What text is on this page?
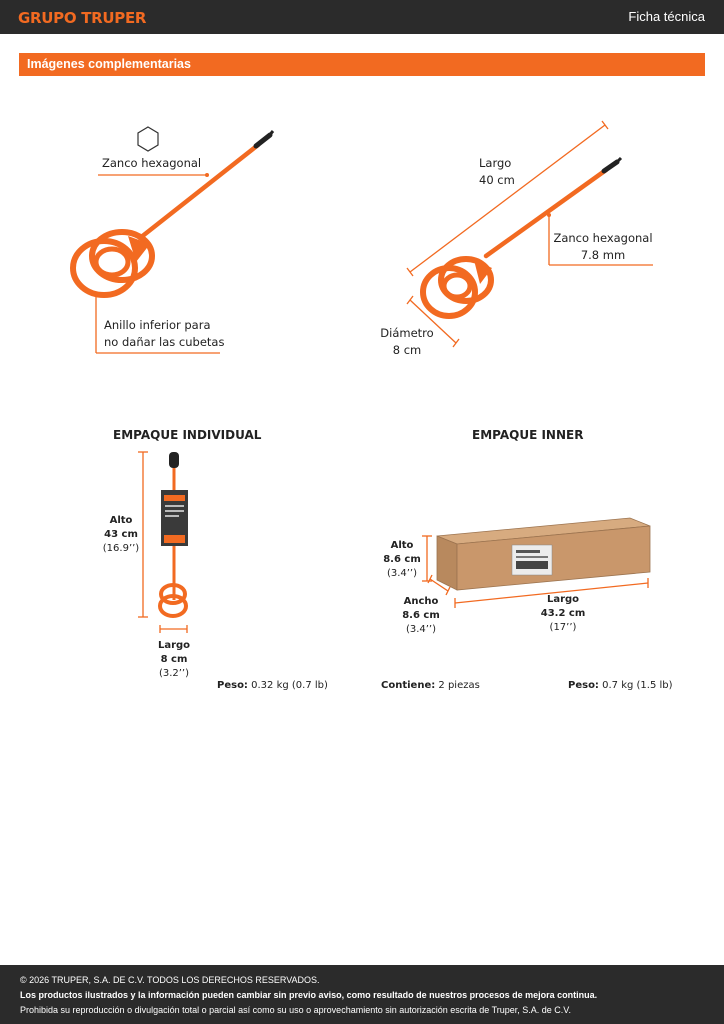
GRUPO TRUPER	Ficha técnica
Imágenes complementarias
Zanco hexagonal
Anillo inferior para
no dañar las cubetas
Largo
40 cm
Zanco hexagonal
7.8 mm
Diámetro
8 cm
EMPAQUE INDIVIDUAL
Alto
43 cm
(16.9’’)
Largo
8 cm
(3.2’’)
Peso: 0.32 kg (0.7 lb)
EMPAQUE INNER
Alto
8.6 cm
(3.4’’)
Ancho
8.6 cm
(3.4’’)
Largo
43.2 cm
(17’’)
Contiene: 2 piezas	Peso: 0.7 kg (1.5 lb)
© 2026 TRUPER, S.A. DE C.V. TODOS LOS DERECHOS RESERVADOS.
Los productos ilustrados y la información pueden cambiar sin previo aviso, como resultado de nuestros procesos de mejora continua.
Prohibida su reproducción o divulgación total o parcial así como su uso o aprovechamiento sin autorización escrita de Truper, S.A. de C.V.
